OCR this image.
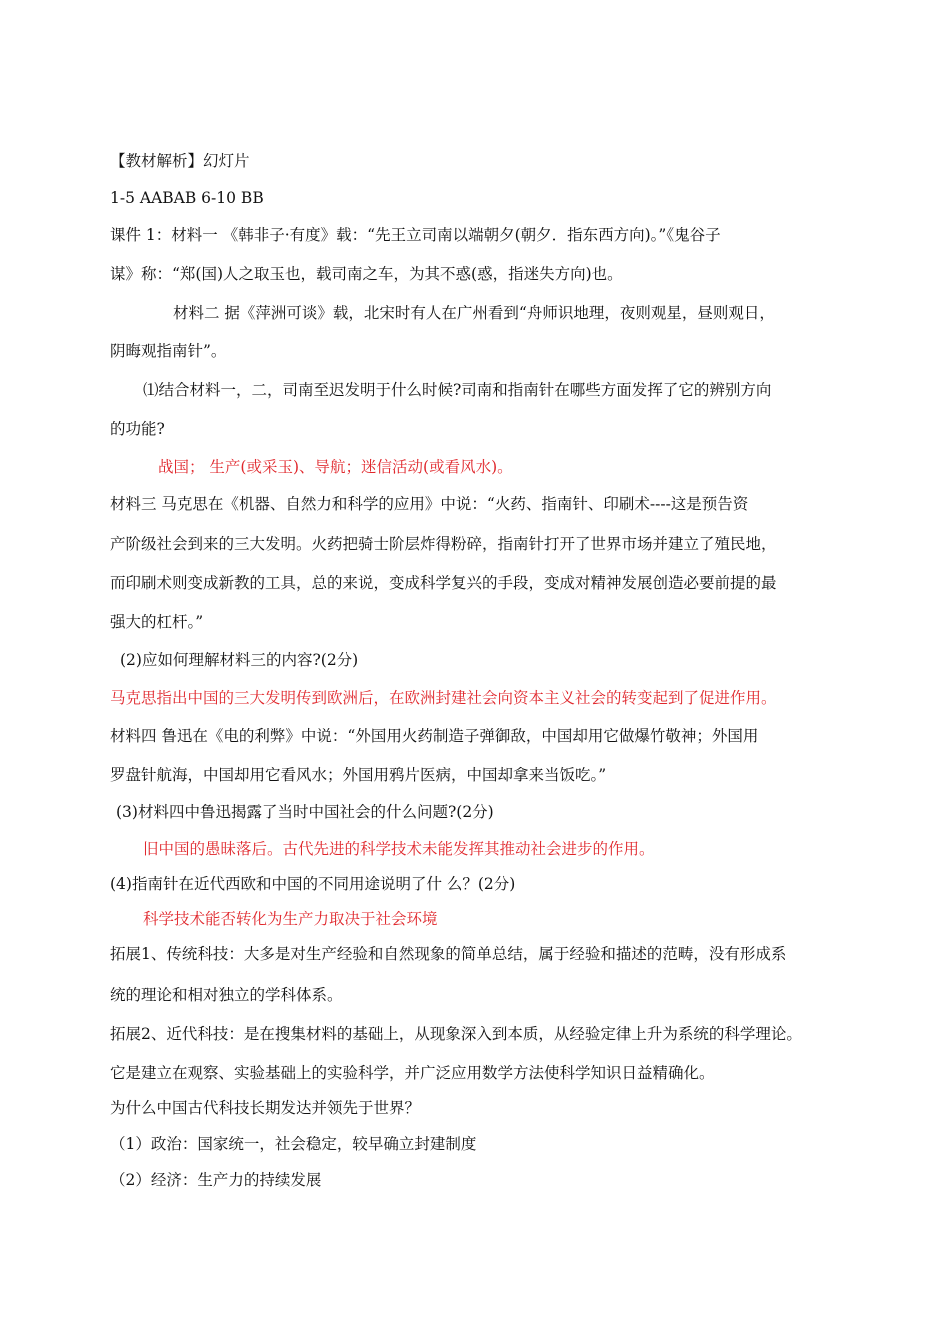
【教材解析】幻灯片
1-5 AABAB 6-10 BB
课件 1：材料一 《韩非子·有度》载：“先王立司南以端朝夕(朝夕．指东西方向)。”《鬼谷子
谋》称：“郑(国)人之取玉也，载司南之车，为其不惑(惑，指迷失方向)也。
材料二 据《萍洲可谈》载，北宋时有人在广州看到“舟师识地理，夜则观星，昼则观日，
阴晦观指南针”。
⑴结合材料一，二，司南至迟发明于什么时候?司南和指南针在哪些方面发挥了它的辨别方向
的功能?
战国； 生产(或采玉)、导航；迷信活动(或看风水)。
材料三 马克思在《机器、自然力和科学的应用》中说：“火药、指南针、印刷术----这是预告资
产阶级社会到来的三大发明。火药把骑士阶层炸得粉碎，指南针打开了世界市场并建立了殖民地，
而印刷术则变成新教的工具，总的来说，变成科学复兴的手段，变成对精神发展创造必要前提的最
强大的杠杆。”
(2)应如何理解材料三的内容?(2分)
马克思指出中国的三大发明传到欧洲后，在欧洲封建社会向资本主义社会的转变起到了促进作用。
材料四 鲁迅在《电的利弊》中说：“外国用火药制造子弹御敌，中国却用它做爆竹敬神；外国用
罗盘针航海，中国却用它看风水；外国用鸦片医病，中国却拿来当饭吃。”
(3)材料四中鲁迅揭露了当时中国社会的什么问题?(2分)
旧中国的愚昧落后。古代先进的科学技术未能发挥其推动社会进步的作用。
(4)指南针在近代西欧和中国的不同用途说明了什 么？(2分)
科学技术能否转化为生产力取决于社会环境
拓展1、传统科技：大多是对生产经验和自然现象的简单总结，属于经验和描述的范畴，没有形成系
统的理论和相对独立的学科体系。
拓展2、近代科技：是在搜集材料的基础上，从现象深入到本质，从经验定律上升为系统的科学理论。
它是建立在观察、实验基础上的实验科学，并广泛应用数学方法使科学知识日益精确化。
为什么中国古代科技长期发达并领先于世界？
（1）政治：国家统一，社会稳定，较早确立封建制度
（2）经济：生产力的持续发展
